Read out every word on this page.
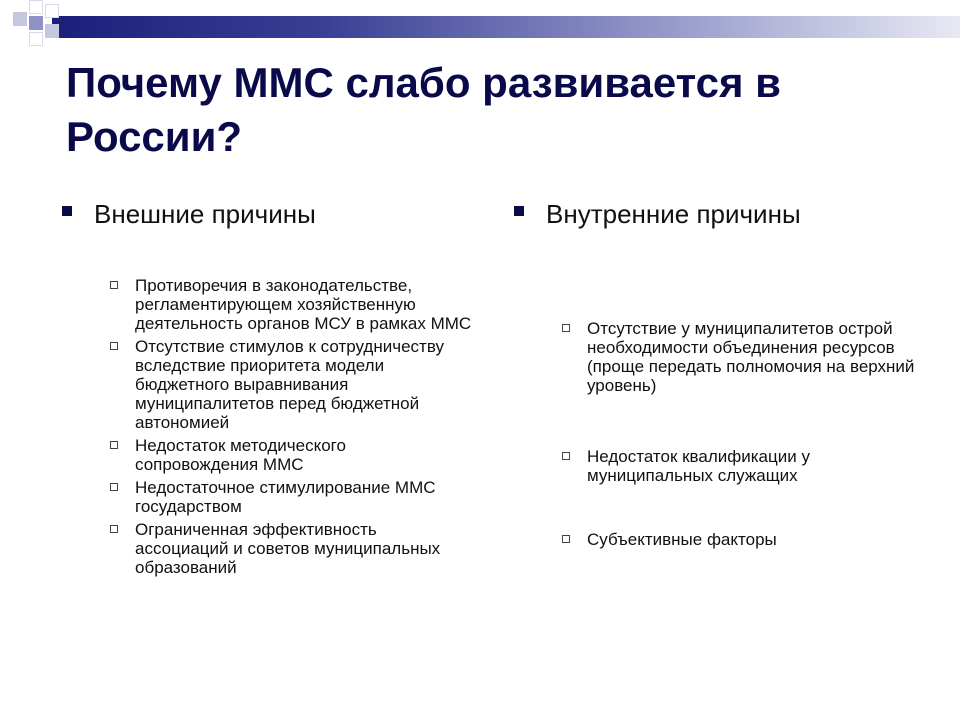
Почему ММС слабо развивается в России?
Внешние причины
Противоречия в законодательстве, регламентирующем хозяйственную деятельность органов МСУ в рамках ММС
Отсутствие стимулов к сотрудничеству вследствие приоритета модели бюджетного выравнивания муниципалитетов перед бюджетной автономией
Недостаток методического сопровождения ММС
Недостаточное стимулирование ММС государством
Ограниченная эффективность ассоциаций и советов муниципальных образований
Внутренние причины
Отсутствие у муниципалитетов острой необходимости объединения ресурсов (проще передать полномочия на верхний уровень)
Недостаток квалификации у муниципальных служащих
Субъективные факторы
